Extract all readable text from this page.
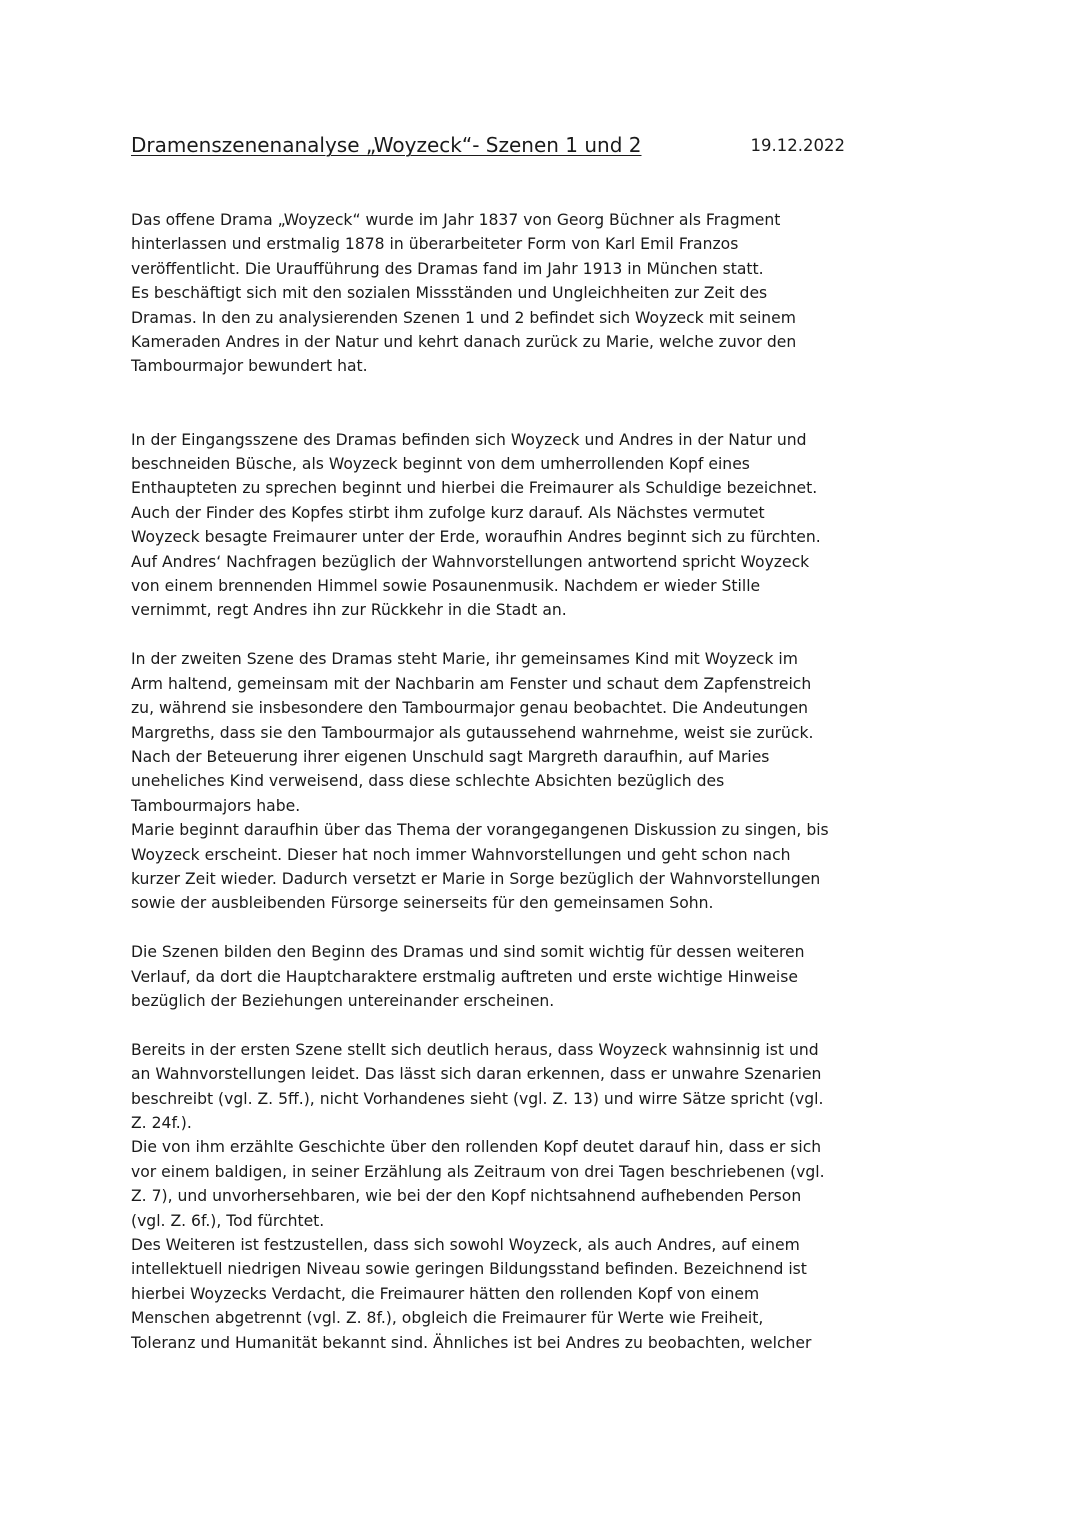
Dramenszenenanalyse „Woyzeck“- Szenen 1 und 2	19.12.2022
Das offene Drama „Woyzeck“ wurde im Jahr 1837 von Georg Büchner als Fragment
hinterlassen und erstmalig 1878 in überarbeiteter Form von Karl Emil Franzos
veröffentlicht. Die Uraufführung des Dramas fand im Jahr 1913 in München statt.
Es beschäftigt sich mit den sozialen Missständen und Ungleichheiten zur Zeit des
Dramas. In den zu analysierenden Szenen 1 und 2 befindet sich Woyzeck mit seinem
Kameraden Andres in der Natur und kehrt danach zurück zu Marie, welche zuvor den
Tambourmajor bewundert hat.
In der Eingangsszene des Dramas befinden sich Woyzeck und Andres in der Natur und
beschneiden Büsche, als Woyzeck beginnt von dem umherrollenden Kopf eines
Enthaupteten zu sprechen beginnt und hierbei die Freimaurer als Schuldige bezeichnet.
Auch der Finder des Kopfes stirbt ihm zufolge kurz darauf. Als Nächstes vermutet
Woyzeck besagte Freimaurer unter der Erde, woraufhin Andres beginnt sich zu fürchten.
Auf Andres‘ Nachfragen bezüglich der Wahnvorstellungen antwortend spricht Woyzeck
von einem brennenden Himmel sowie Posaunenmusik. Nachdem er wieder Stille
vernimmt, regt Andres ihn zur Rückkehr in die Stadt an.
In der zweiten Szene des Dramas steht Marie, ihr gemeinsames Kind mit Woyzeck im
Arm haltend, gemeinsam mit der Nachbarin am Fenster und schaut dem Zapfenstreich
zu, während sie insbesondere den Tambourmajor genau beobachtet. Die Andeutungen
Margreths, dass sie den Tambourmajor als gutaussehend wahrnehme, weist sie zurück.
Nach der Beteuerung ihrer eigenen Unschuld sagt Margreth daraufhin, auf Maries
uneheliches Kind verweisend, dass diese schlechte Absichten bezüglich des
Tambourmajors habe.
Marie beginnt daraufhin über das Thema der vorangegangenen Diskussion zu singen, bis
Woyzeck erscheint. Dieser hat noch immer Wahnvorstellungen und geht schon nach
kurzer Zeit wieder. Dadurch versetzt er Marie in Sorge bezüglich der Wahnvorstellungen
sowie der ausbleibenden Fürsorge seinerseits für den gemeinsamen Sohn.
Die Szenen bilden den Beginn des Dramas und sind somit wichtig für dessen weiteren
Verlauf, da dort die Hauptcharaktere erstmalig auftreten und erste wichtige Hinweise
bezüglich der Beziehungen untereinander erscheinen.
Bereits in der ersten Szene stellt sich deutlich heraus, dass Woyzeck wahnsinnig ist und
an Wahnvorstellungen leidet. Das lässt sich daran erkennen, dass er unwahre Szenarien
beschreibt (vgl. Z. 5ff.), nicht Vorhandenes sieht (vgl. Z. 13) und wirre Sätze spricht (vgl.
Z. 24f.).
Die von ihm erzählte Geschichte über den rollenden Kopf deutet darauf hin, dass er sich
vor einem baldigen, in seiner Erzählung als Zeitraum von drei Tagen beschriebenen (vgl.
Z. 7), und unvorhersehbaren, wie bei der den Kopf nichtsahnend aufhebenden Person
(vgl. Z. 6f.), Tod fürchtet.
Des Weiteren ist festzustellen, dass sich sowohl Woyzeck, als auch Andres, auf einem
intellektuell niedrigen Niveau sowie geringen Bildungsstand befinden. Bezeichnend ist
hierbei Woyzecks Verdacht, die Freimaurer hätten den rollenden Kopf von einem
Menschen abgetrennt (vgl. Z. 8f.), obgleich die Freimaurer für Werte wie Freiheit,
Toleranz und Humanität bekannt sind. Ähnliches ist bei Andres zu beobachten, welcher
